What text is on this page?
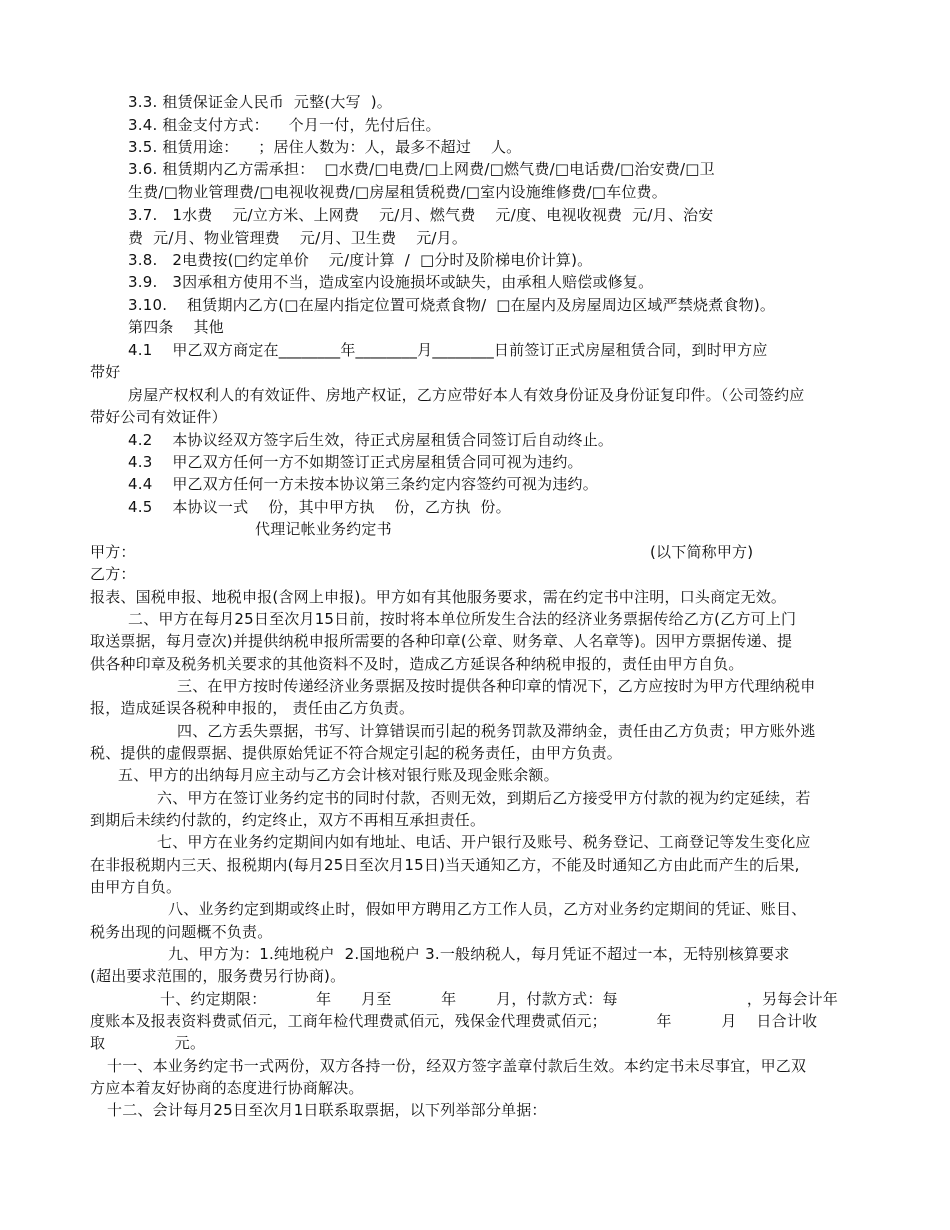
3.3. 租赁保证金人民币  元整(大写  )。
3.4. 租金支付方式：    个月一付，先付后住。
3.5. 租赁用途：    ；居住人数为：人，最多不超过    人。
3.6. 租赁期内乙方需承担：  □水费/□电费/□上网费/□燃气费/□电话费/□治安费/□卫
生费/□物业管理费/□电视收视费/□房屋租赁税费/□室内设施维修费/□车位费。
3.7.   1水费    元/立方米、上网费    元/月、燃气费    元/度、电视收视费  元/月、治安
费  元/月、物业管理费    元/月、卫生费    元/月。
3.8.   2电费按(□约定单价    元/度计算  /  □分时及阶梯电价计算)。
3.9.   3因承租方使用不当，造成室内设施损坏或缺失，由承租人赔偿或修复。
3.10.    租赁期内乙方(□在屋内指定位置可烧煮食物/  □在屋内及房屋周边区域严禁烧煮食物)。
第四条    其他
4.1    甲乙双方商定在________年________月________日前签订正式房屋租赁合同，到时甲方应
带好
房屋产权权利人的有效证件、房地产权证，乙方应带好本人有效身份证及身份证复印件。（公司签约应
带好公司有效证件）
4.2    本协议经双方签字后生效，待正式房屋租赁合同签订后自动终止。
4.3    甲乙双方任何一方不如期签订正式房屋租赁合同可视为违约。
4.4    甲乙双方任何一方未按本协议第三条约定内容签约可视为违约。
4.5    本协议一式    份，其中甲方执    份，乙方执  份。
代理记帐业务约定书
甲方：	(以下简称甲方)
乙方：
报表、国税申报、地税申报(含网上申报)。甲方如有其他服务要求，需在约定书中注明，口头商定无效。
二、甲方在每月25日至次月15日前，按时将本单位所发生合法的经济业务票据传给乙方(乙方可上门
取送票据，每月壹次)并提供纳税申报所需要的各种印章(公章、财务章、人名章等)。因甲方票据传递、提
供各种印章及税务机关要求的其他资料不及时，造成乙方延误各种纳税申报的，责任由甲方自负。
三、在甲方按时传递经济业务票据及按时提供各种印章的情况下，乙方应按时为甲方代理纳税申
报，造成延误各税种申报的， 责任由乙方负责。
四、乙方丢失票据，书写、计算错误而引起的税务罚款及滞纳金，责任由乙方负责；甲方账外逃
税、提供的虚假票据、提供原始凭证不符合规定引起的税务责任，由甲方负责。
五、甲方的出纳每月应主动与乙方会计核对银行账及现金账余额。
六、甲方在签订业务约定书的同时付款，否则无效，到期后乙方接受甲方付款的视为约定延续，若
到期后未续约付款的，约定终止，双方不再相互承担责任。
七、甲方在业务约定期间内如有地址、电话、开户银行及账号、税务登记、工商登记等发生变化应
在非报税期内三天、报税期内(每月25日至次月15日)当天通知乙方，不能及时通知乙方由此而产生的后果,
由甲方自负。
八、业务约定到期或终止时，假如甲方聘用乙方工作人员，乙方对业务约定期间的凭证、账目、
税务出现的问题概不负责。
九、甲方为：1.纯地税户  2.国地税户 3.一般纳税人，每月凭证不超过一本，无特别核算要求
(超出要求范围的，服务费另行协商)。
十、约定期限：          年      月至          年        月，付款方式：每                          ，另每会计年
度账本及报表资料费贰佰元，工商年检代理费贰佰元，残保金代理费贰佰元；          年          月    日合计收
取              元。
十一、本业务约定书一式两份，双方各持一份，经双方签字盖章付款后生效。本约定书未尽事宜，甲乙双
方应本着友好协商的态度进行协商解决。
十二、会计每月25日至次月1日联系取票据，以下列举部分单据：
